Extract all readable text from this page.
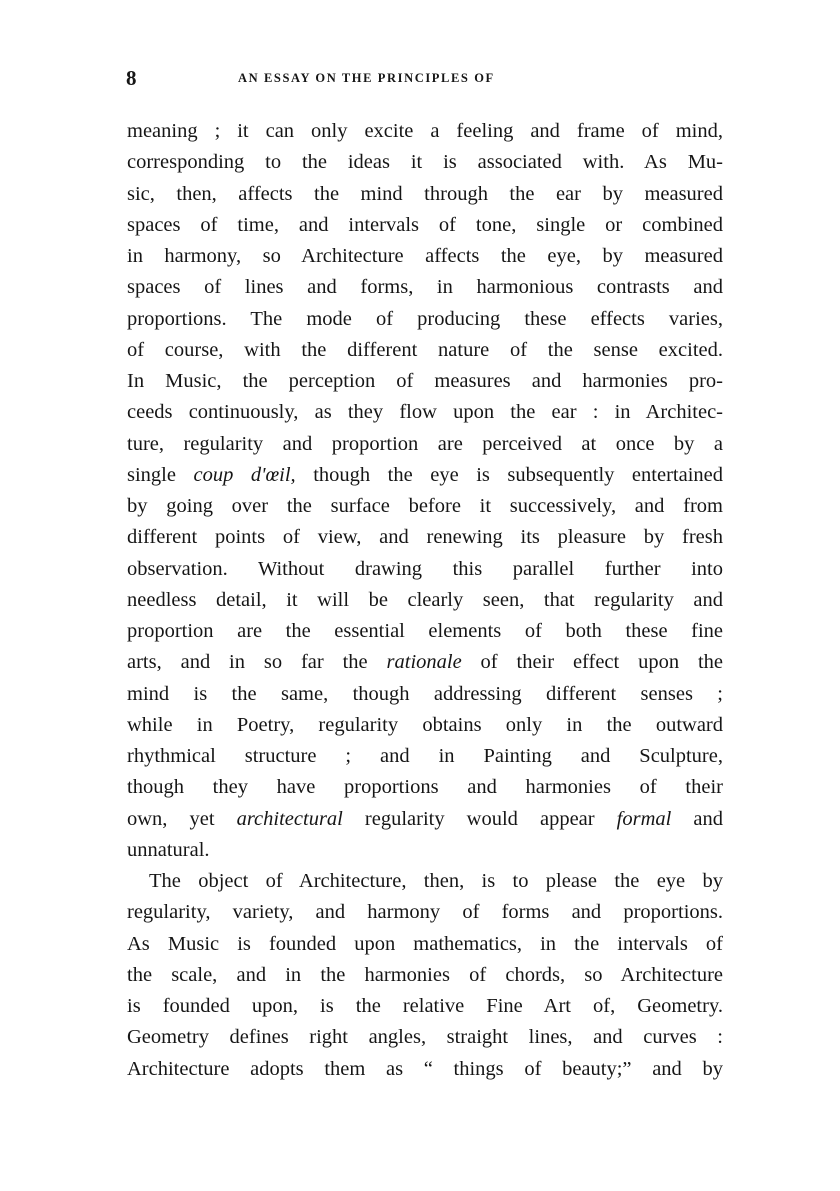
8	AN ESSAY ON THE PRINCIPLES OF
meaning ; it can only excite a feeling and frame of mind,
corresponding to the ideas it is associated with. As Mu-
sic, then, affects the mind through the ear by measured
spaces of time, and intervals of tone, single or combined
in harmony, so Architecture affects the eye, by measured
spaces of lines and forms, in harmonious contrasts and
proportions. The mode of producing these effects varies,
of course, with the different nature of the sense excited.
In Music, the perception of measures and harmonies pro-
ceeds continuously, as they flow upon the ear : in Architec-
ture, regularity and proportion are perceived at once by a
single coup d'œil, though the eye is subsequently entertained
by going over the surface before it successively, and from
different points of view, and renewing its pleasure by fresh
observation. Without drawing this parallel further into
needless detail, it will be clearly seen, that regularity and
proportion are the essential elements of both these fine
arts, and in so far the rationale of their effect upon the
mind is the same, though addressing different senses ;
while in Poetry, regularity obtains only in the outward
rhythmical structure ; and in Painting and Sculpture,
though they have proportions and harmonies of their
own, yet architectural regularity would appear formal and
unnatural.
The object of Architecture, then, is to please the eye by
regularity, variety, and harmony of forms and proportions.
As Music is founded upon mathematics, in the intervals of
the scale, and in the harmonies of chords, so Architecture
is founded upon, is the relative Fine Art of, Geometry.
Geometry defines right angles, straight lines, and curves :
Architecture adopts them as “ things of beauty;” and by
